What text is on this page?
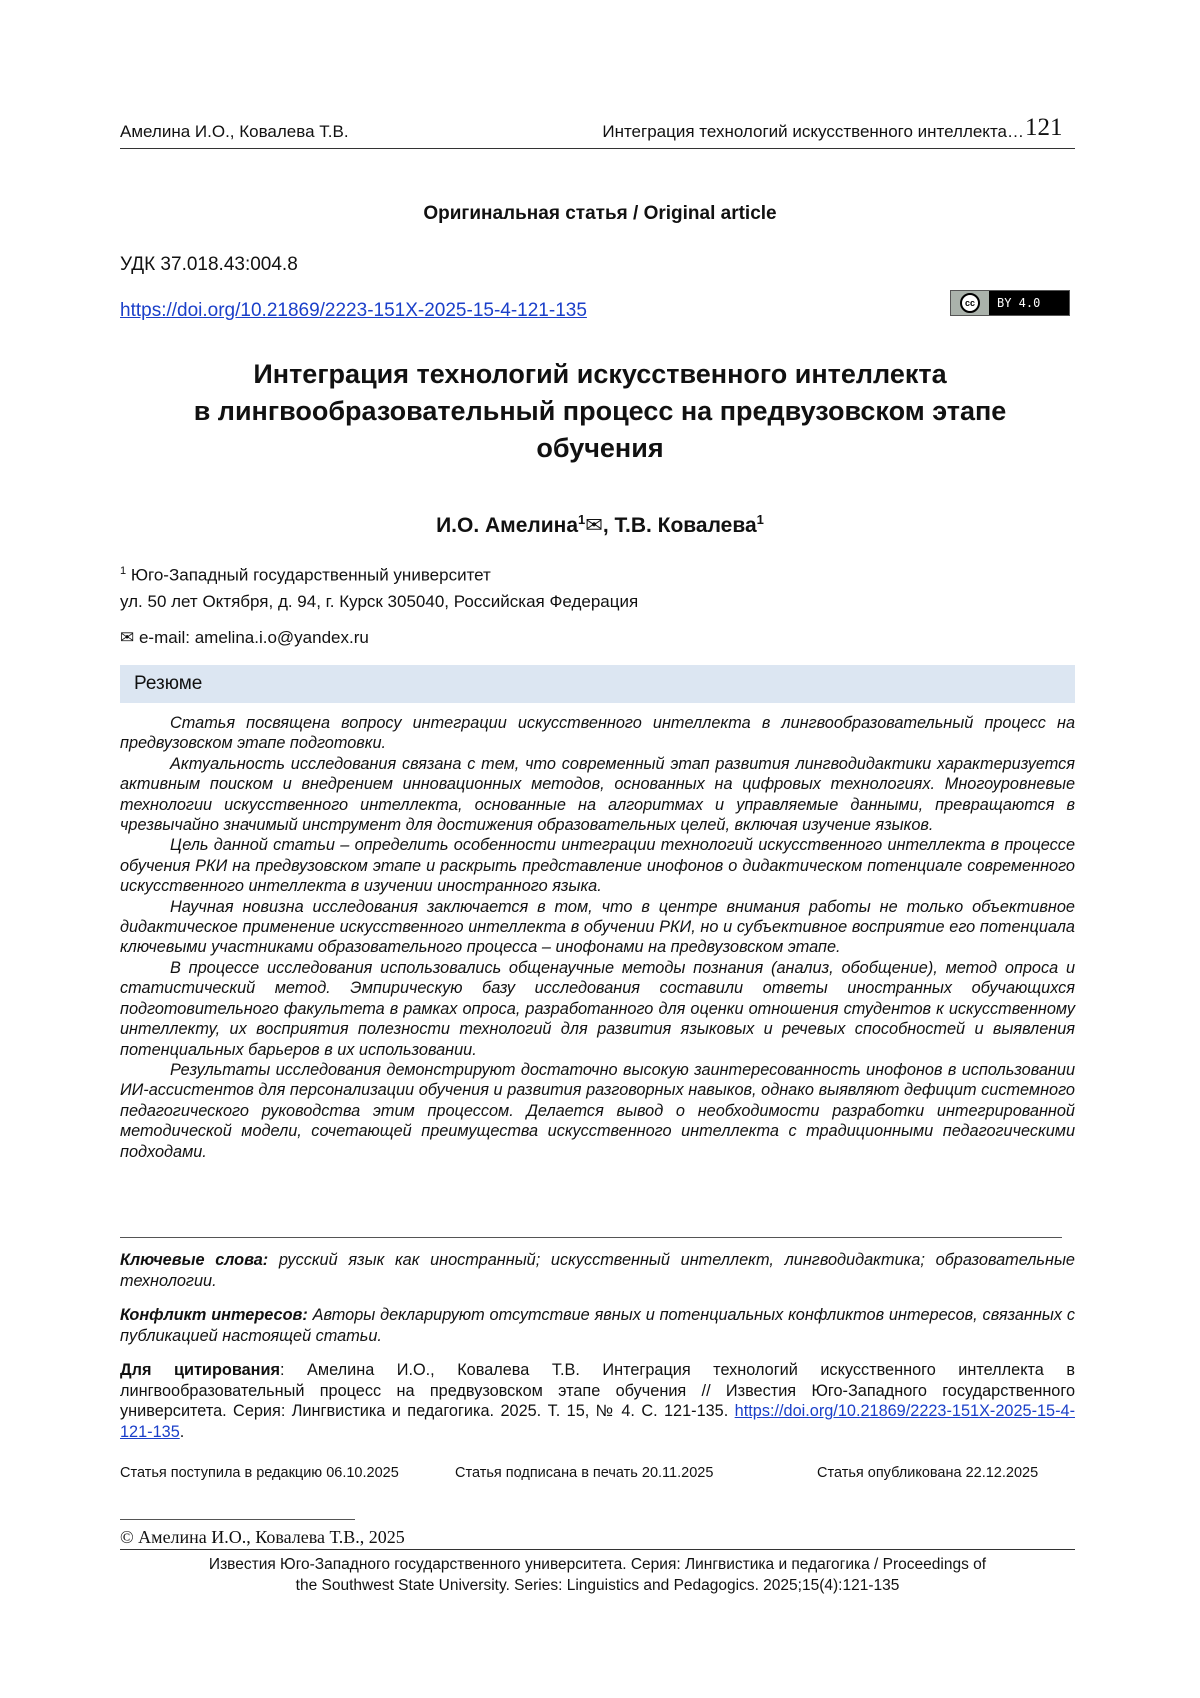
Амелина И.О., Ковалева Т.В.	Интеграция технологий искусственного интеллекта… 121
Оригинальная статья / Original article
УДК 37.018.43:004.8
https://doi.org/10.21869/2223-151X-2025-15-4-121-135	cc	BY 4.0
Интеграция технологий искусственного интеллекта
в лингвообразовательный процесс на предвузовском этапе
обучения
И.О. Амелина$^1$✉, Т.В. Ковалева$^1$
$^1$ Юго-Западный государственный университет
ул. 50 лет Октября, д. 94, г. Курск 305040, Российская Федерация
✉ e-mail: amelina.i.o@yandex.ru
Резюме

Статья посвящена вопросу интеграции искусственного интеллекта в лингвообразовательный процесс на предвузовском этапе подготовки.

Актуальность исследования связана с тем, что современный этап развития лингводидактики характеризуется активным поиском и внедрением инновационных методов, основанных на цифровых технологиях. Многоуровневые технологии искусственного интеллекта, основанные на алгоритмах и управляемые данными, превращаются в чрезвычайно значимый инструмент для достижения образовательных целей, включая изучение языков.

Цель данной статьи – определить особенности интеграции технологий искусственного интеллекта в процессе обучения РКИ на предвузовском этапе и раскрыть представление инофонов о дидактическом потенциале современного искусственного интеллекта в изучении иностранного языка.

Научная новизна исследования заключается в том, что в центре внимания работы не только объективное дидактическое применение искусственного интеллекта в обучении РКИ, но и субъективное восприятие его потенциала ключевыми участниками образовательного процесса – инофонами на предвузовском этапе.

В процессе исследования использовались общенаучные методы познания (анализ, обобщение), метод опроса и статистический метод. Эмпирическую базу исследования составили ответы иностранных обучающихся подготовительного факультета в рамках опроса, разработанного для оценки отношения студентов к искусственному интеллекту, их восприятия полезности технологий для развития языковых и речевых способностей и выявления потенциальных барьеров в их использовании.

Результаты исследования демонстрируют достаточно высокую заинтересованность инофонов в использовании ИИ-ассистентов для персонализации обучения и развития разговорных навыков, однако выявляют дефицит системного педагогического руководства этим процессом. Делается вывод о необходимости разработки интегрированной методической модели, сочетающей преимущества искусственного интеллекта с традиционными педагогическими подходами.

Ключевые слова: русский язык как иностранный; искусственный интеллект, лингводидактика; образовательные технологии.
Конфликт интересов: Авторы декларируют отсутствие явных и потенциальных конфликтов интересов, связанных с публикацией настоящей статьи.
Для цитирования: Амелина И.О., Ковалева Т.В. Интеграция технологий искусственного интеллекта в лингвообразовательный процесс на предвузовском этапе обучения // Известия Юго-Западного государственного университета. Серия: Лингвистика и педагогика. 2025. Т. 15, № 4. С. 121-135. https://doi.org/10.21869/2223-151X-2025-15-4-121-135.
Статья поступила в редакцию 06.10.2025	Статья подписана в печать 20.11.2025	Статья опубликована 22.12.2025
© Амелина И.О., Ковалева Т.В., 2025
Известия Юго-Западного государственного университета. Серия: Лингвистика и педагогика / Proceedings of
the Southwest State University. Series: Linguistics and Pedagogics. 2025;15(4):121-135
